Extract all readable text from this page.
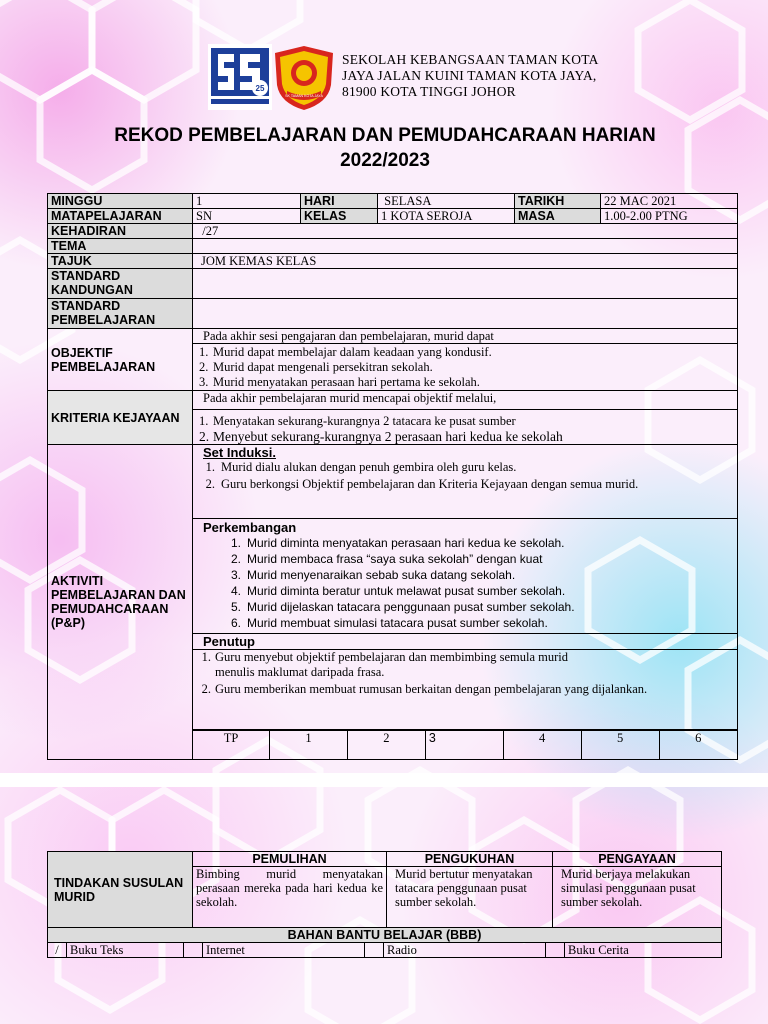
25
SK TAMAN KOTA JAYA
SEKOLAH KEBANGSAAN TAMAN KOTA
JAYA JALAN KUINI TAMAN KOTA JAYA,
81900 KOTA TINGGI JOHOR
REKOD PEMBELAJARAN DAN PEMUDAHCARAAN HARIAN
2022/2023
MINGGU	1	HARI	SELASA	TARIKH	22 MAC 2021
MATAPELAJARAN	SN	KELAS	1 KOTA SEROJA	MASA	1.00-2.00 PTNG
KEHADIRAN	/27
TEMA	
TAJUK	JOM KEMAS KELAS
STANDARD KANDUNGAN	
STANDARD PEMBELAJARAN	
OBJEKTIF PEMBELAJARAN	
Pada akhir sesi pengajaran dan pembelajaran, murid dapat
1. Murid dapat membelajar dalam keadaan yang kondusif.
2. Murid dapat mengenali persekitran sekolah.
3. Murid menyatakan perasaan hari pertama ke sekolah.

KRITERIA KEJAYAAN	
Pada akhir pembelajaran murid mencapai objektif melalui,
1. Menyatakan sekurang-kurangnya 2 tatacara ke pusat sumber
2. Menyebut sekurang-kurangnya 2 perasaan hari kedua ke sekolah

AKTIVITI PEMBELAJARAN DAN PEMUDAHCARAAN (P&P)	
Set Induksi.
1. Murid dialu alukan dengan penuh gembira oleh guru kelas.
2. Guru berkongsi Objektif pembelajaran dan Kriteria Kejayaan dengan semua murid.
Perkembangan
1. Murid diminta menyatakan perasaan hari kedua ke sekolah.
2. Murid membaca frasa “saya suka sekolah” dengan kuat
3. Murid menyenaraikan sebab suka datang sekolah.
4. Murid diminta beratur untuk melawat pusat sumber sekolah.
5. Murid dijelaskan tatacara penggunaan pusat sumber sekolah.
6. Murid membuat simulasi tatacara pusat sumber sekolah.
Penutup
1. Guru menyebut objektif pembelajaran dan membimbing semula murid
menulis maklumat daripada frasa.
2. Guru memberikan membuat rumusan berkaitan dengan pembelajaran yang dijalankan.

TP	1	2	3	4	5	6
TINDAKAN SUSULAN MURID	PEMULIHAN	PENGUKUHAN	PENGAYAAN
Bimbing murid menyatakan perasaan mereka pada hari kedua ke sekolah.	Murid bertutur menyatakan tatacara penggunaan pusat sumber sekolah.	Murid berjaya melakukan simulasi penggunaan pusat sumber sekolah.
BAHAN BANTU BELAJAR (BBB)

/	Buku Teks		Internet		Radio		Buku Cerita
